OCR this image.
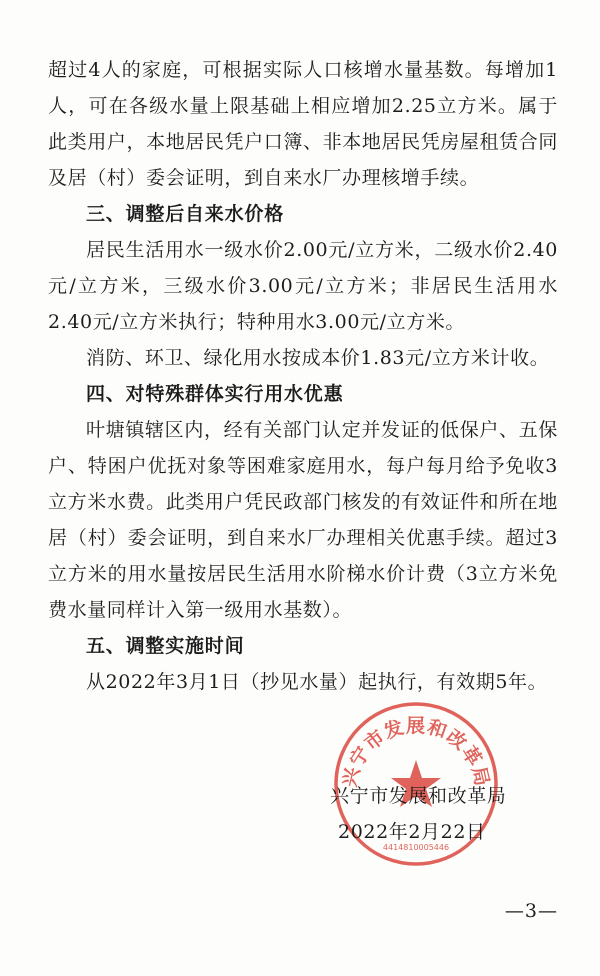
超过4人的家庭，可根据实际人口核增水量基数。每增加1人，可在各级水量上限基础上相应增加2.25立方米。属于此类用户，本地居民凭户口簿、非本地居民凭房屋租赁合同及居（村）委会证明，到自来水厂办理核增手续。

三、调整后自来水价格

居民生活用水一级水价2.00元/立方米，二级水价2.40元/立方米，三级水价3.00元/立方米；非居民生活用水2.40元/立方米执行；特种用水3.00元/立方米。

消防、环卫、绿化用水按成本价1.83元/立方米计收。

四、对特殊群体实行用水优惠

叶塘镇辖区内，经有关部门认定并发证的低保户、五保户、特困户优抚对象等困难家庭用水，每户每月给予免收3立方米水费。此类用户凭民政部门核发的有效证件和所在地居（村）委会证明，到自来水厂办理相关优惠手续。超过3立方米的用水量按居民生活用水阶梯水价计费（3立方米免费水量同样计入第一级用水基数）。

五、调整实施时间

从2022年3月1日（抄见水量）起执行，有效期5年。

兴宁市发展和改革局
4414810005446
兴宁市发展和改革局
2022年2月22日
—3—
